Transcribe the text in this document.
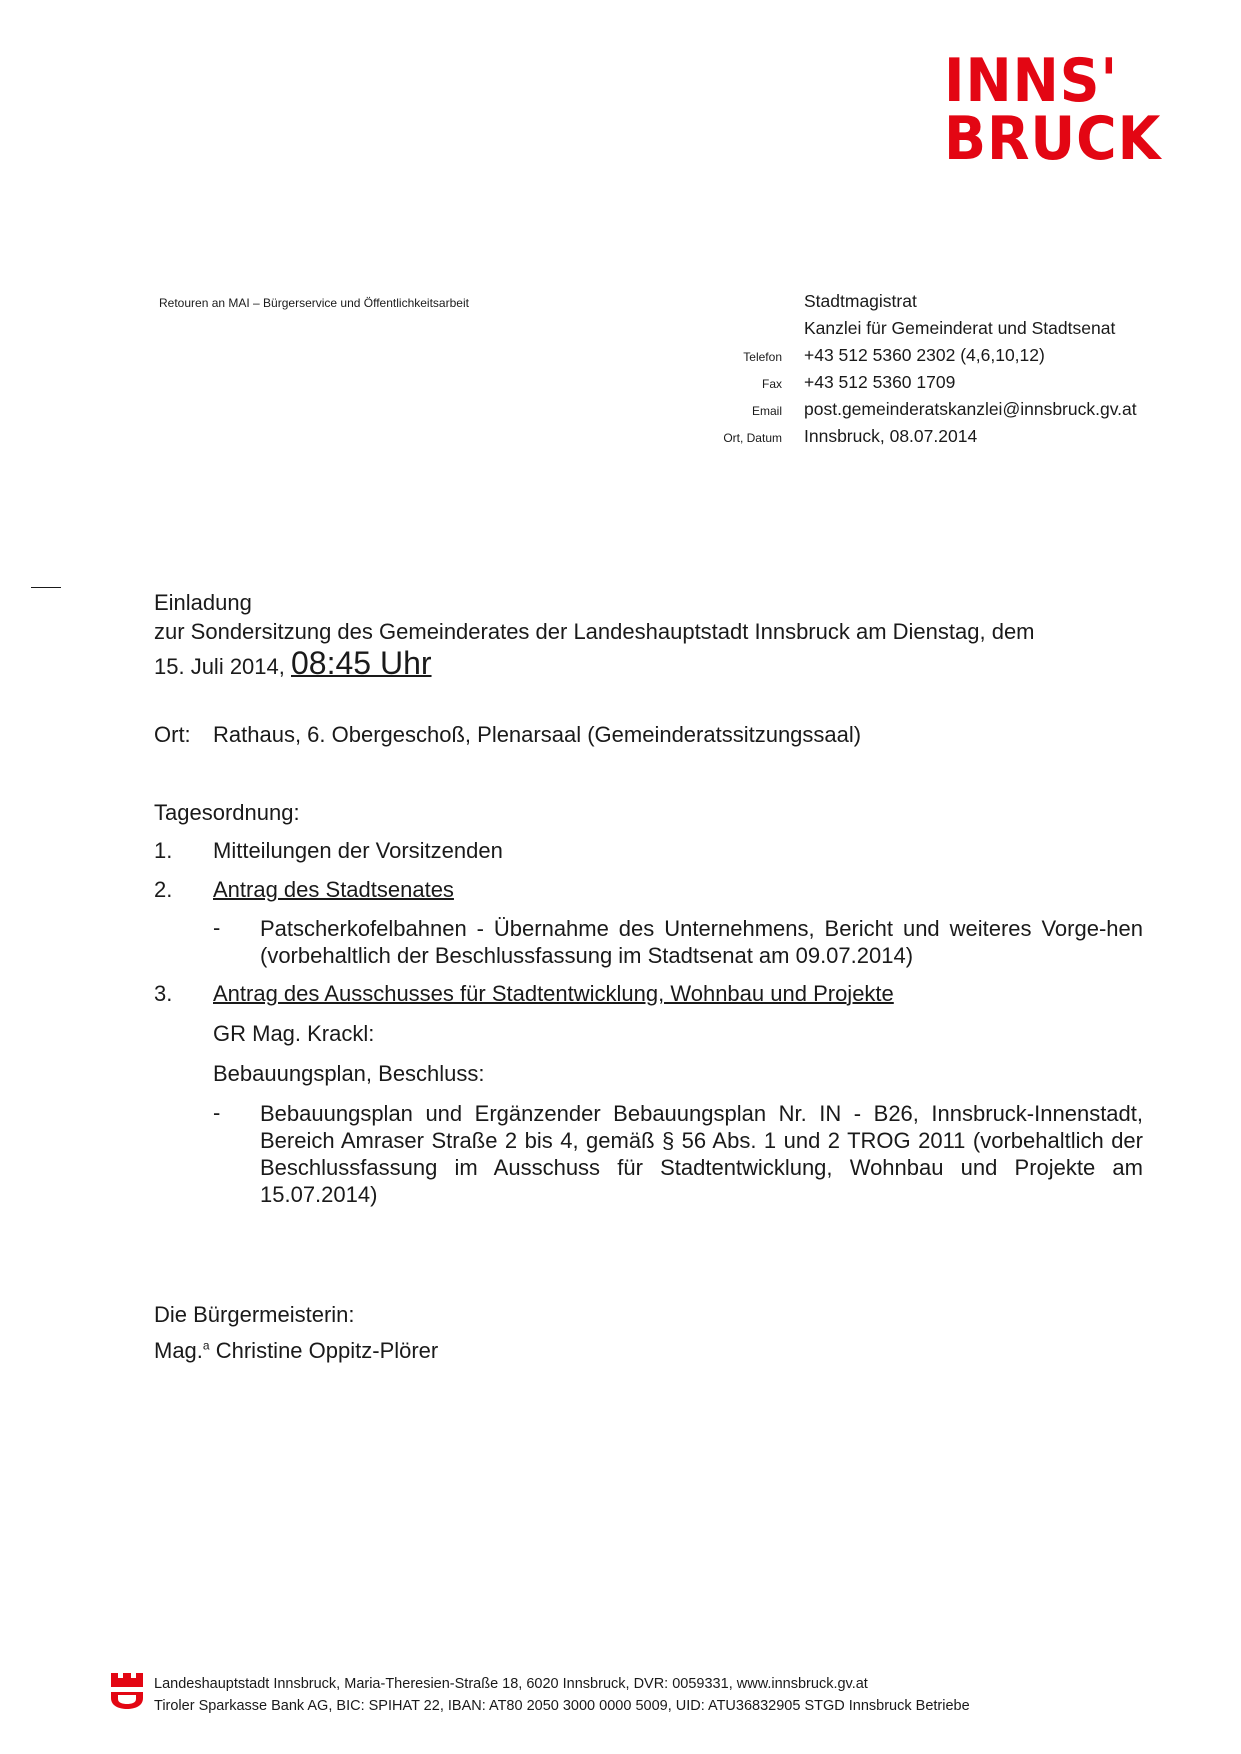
INNS'
BRUCK
Retouren an MAI – Bürgerservice und Öffentlichkeitsarbeit	Stadtmagistrat
Kanzlei für Gemeinderat und Stadtsenat
Telefon	+43 512 5360 2302 (4,6,10,12)
Fax	+43 512 5360 1709
Email	post.gemeinderatskanzlei@innsbruck.gv.at
Ort, Datum	Innsbruck, 08.07.2014
Einladung
zur Sondersitzung des Gemeinderates der Landeshauptstadt Innsbruck am Dienstag, dem
15. Juli 2014, 08:45 Uhr
Ort:	Rathaus, 6. Obergeschoß, Plenarsaal (Gemeinderatssitzungssaal)
Tagesordnung:
1.	Mitteilungen der Vorsitzenden
2.	Antrag des Stadtsenates
-	Patscherkofelbahnen - Übernahme des Unternehmens, Bericht und weiteres Vorge-hen (vorbehaltlich der Beschlussfassung im Stadtsenat am 09.07.2014)
3.	Antrag des Ausschusses für Stadtentwicklung, Wohnbau und Projekte
GR Mag. Krackl:
Bebauungsplan, Beschluss:
-	Bebauungsplan und Ergänzender Bebauungsplan Nr. IN - B26, Innsbruck-Innenstadt, Bereich Amraser Straße 2 bis 4, gemäß § 56 Abs. 1 und 2 TROG 2011 (vorbehaltlich der Beschlussfassung im Ausschuss für Stadtentwicklung, Wohnbau und Projekte am 15.07.2014)
Die Bürgermeisterin:
Mag.$^a$ Christine Oppitz-Plörer
Landeshauptstadt Innsbruck, Maria-Theresien-Straße 18, 6020 Innsbruck, DVR: 0059331, www.innsbruck.gv.at
Tiroler Sparkasse Bank AG, BIC: SPIHAT 22, IBAN: AT80 2050 3000 0000 5009, UID: ATU36832905 STGD Innsbruck Betriebe
